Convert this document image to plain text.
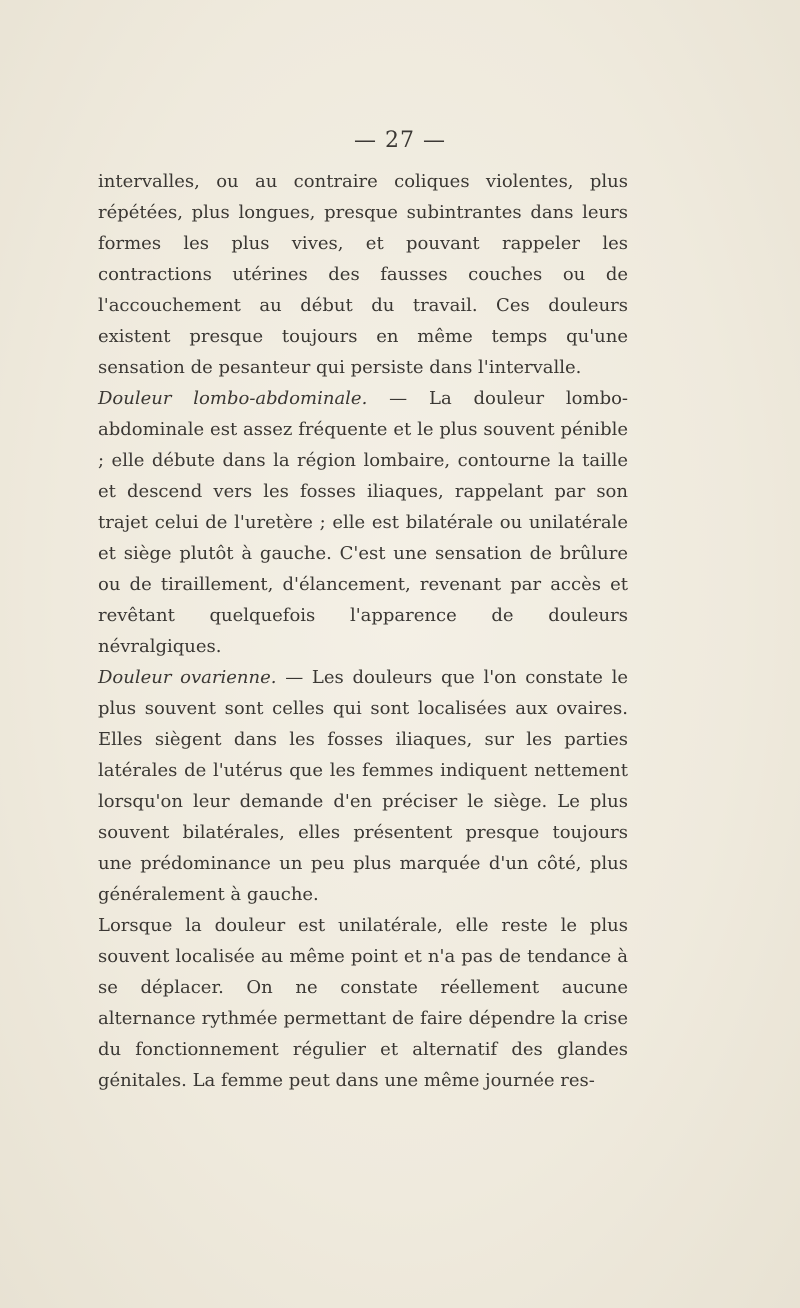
— 27 —

intervalles, ou au contraire coliques violentes, plus répétées, plus longues, presque subintrantes dans leurs formes les plus vives, et pouvant rappeler les contractions utérines des fausses couches ou de l'accouchement au début du travail. Ces douleurs existent presque toujours en même temps qu'une sensation de pesanteur qui persiste dans l'intervalle.

Douleur lombo-abdominale. — La douleur lombo-abdominale est assez fréquente et le plus souvent pénible ; elle débute dans la région lombaire, contourne la taille et descend vers les fosses iliaques, rappelant par son trajet celui de l'uretère ; elle est bilatérale ou unilatérale et siège plutôt à gauche. C'est une sensation de brûlure ou de tiraillement, d'élancement, revenant par accès et revêtant quelquefois l'apparence de douleurs névralgiques.

Douleur ovarienne. — Les douleurs que l'on constate le plus souvent sont celles qui sont localisées aux ovaires. Elles siègent dans les fosses iliaques, sur les parties latérales de l'utérus que les femmes indiquent nettement lorsqu'on leur demande d'en préciser le siège. Le plus souvent bilatérales, elles présentent presque toujours une prédominance un peu plus marquée d'un côté, plus généralement à gauche.

Lorsque la douleur est unilatérale, elle reste le plus souvent localisée au même point et n'a pas de tendance à se déplacer. On ne constate réellement aucune alternance rythmée permettant de faire dépendre la crise du fonctionnement régulier et alternatif des glandes génitales. La femme peut dans une même journée res-
